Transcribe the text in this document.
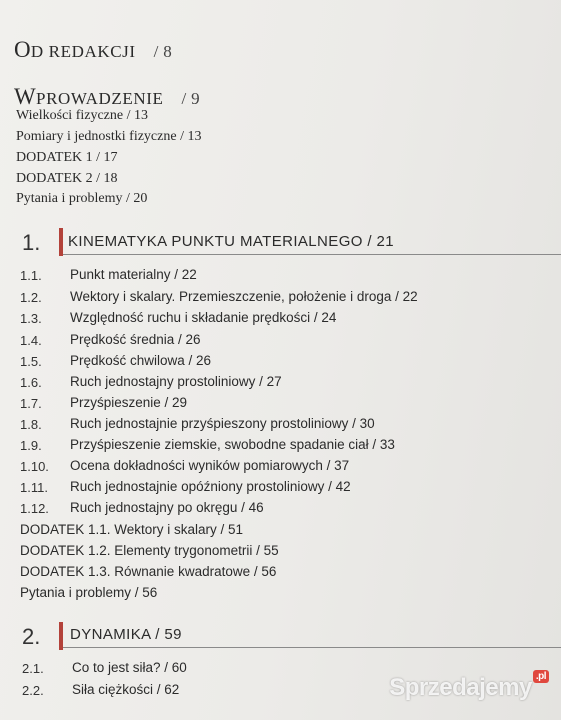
OD REDAKCJI / 8
WPROWADZENIE / 9
Wielkości fizyczne / 13
Pomiary i jednostki fizyczne / 13
DODATEK 1 / 17
DODATEK 2 / 18
Pytania i problemy / 20
1. KINEMATYKA PUNKTU MATERIALNEGO / 21
1.1. Punkt materialny / 22
1.2. Wektory i skalary. Przemieszczenie, położenie i droga / 22
1.3. Względność ruchu i składanie prędkości / 24
1.4. Prędkość średnia / 26
1.5. Prędkość chwilowa / 26
1.6. Ruch jednostajny prostoliniowy / 27
1.7. Przyśpieszenie / 29
1.8. Ruch jednostajnie przyśpieszony prostoliniowy / 30
1.9. Przyśpieszenie ziemskie, swobodne spadanie ciał / 33
1.10. Ocena dokładności wyników pomiarowych / 37
1.11. Ruch jednostajnie opóźniony prostoliniowy / 42
1.12. Ruch jednostajny po okręgu / 46
DODATEK 1.1. Wektory i skalary / 51
DODATEK 1.2. Elementy trygonometrii / 55
DODATEK 1.3. Równanie kwadratowe / 56
Pytania i problemy / 56
2. DYNAMIKA / 59
2.1. Co to jest siła? / 60
2.2. Siła ciężkości / 62	Sprzedajemy .pl
